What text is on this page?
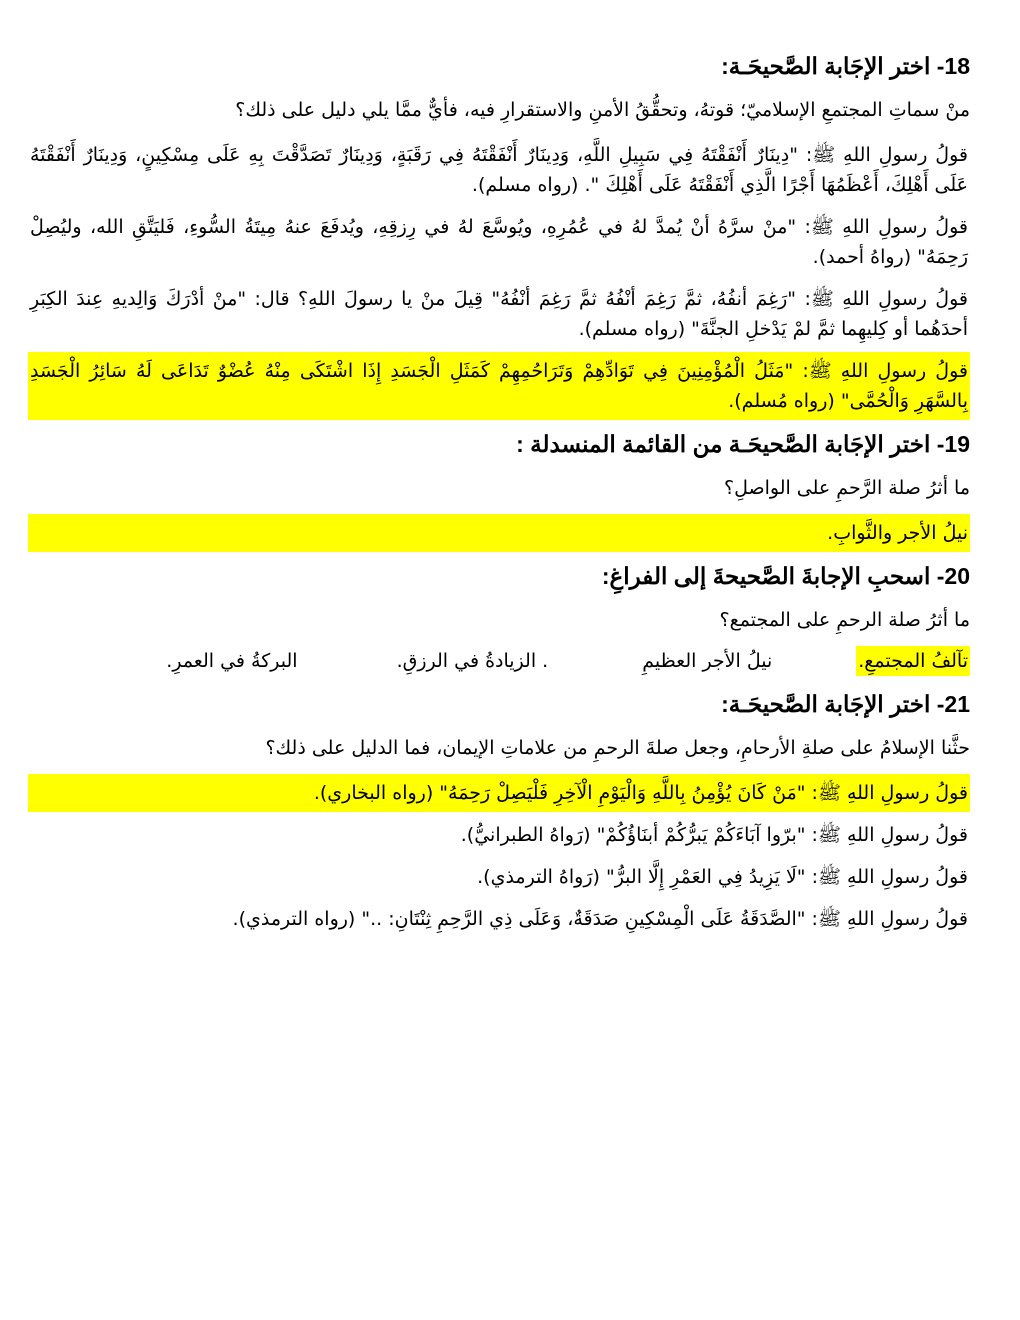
18- اختر الإجَابة الصَّحيحَـة:
منْ سماتِ المجتمعِ الإسلاميّ؛ قوتهُ، وتحقُّقُ الأمنِ والاستقرارِ فيه، فأيٌّ ممَّا يلي دليل على ذلك؟
قولُ رسولِ اللهِ ﷺ: "دِينَارٌ أَنْفَقْتَهُ فِي سَبِيلِ اللَّهِ، وَدِينَارٌ أَنْفَقْتَهُ فِي رَقَبَةٍ، وَدِينَارٌ تَصَدَّقْتَ بِهِ عَلَى مِسْكِينٍ، وَدِينَارٌ أَنْفَقْتَهُ عَلَى أَهْلِكَ، أَعْظَمُهَا أَجْرًا الَّذِي أَنْفَقْتَهُ عَلَى أَهْلِكَ ". (رواه مسلم).
قولُ رسولِ اللهِ ﷺ: "منْ سرَّهُ أنْ يُمدَّ لهُ في عُمُرِهِ، ويُوسَّعَ لهُ في رِزقِهِ، ويُدفَعَ عنهُ مِيتَةُ السُّوءِ، فَليَتَّقِ الله، وليُصِلْ رَحِمَهُ" (رواهُ أحمد).
قولُ رسولِ اللهِ ﷺ: "رَغِمَ أنفُهُ، ثمَّ رَغِمَ أنْفُهُ ثمَّ رَغِمَ أنْفُهُ" قِيلَ منْ يا رسولَ اللهِ؟ قال: "منْ أدْرَكَ وَالِديهِ عِندَ الكِبَرِ أحدَهُما أو كِليهِما ثمَّ لمْ يَدْخلِ الجنَّةَ" (رواه مسلم).
قولُ رسولِ اللهِ ﷺ: "مَثَلُ الْمُؤْمِنِينَ فِي تَوَادِّهِمْ وَتَرَاحُمِهِمْ كَمَثَلِ الْجَسَدِ إِذَا اشْتَكَى مِنْهُ عُضْوٌ تَدَاعَى لَهُ سَائِرُ الْجَسَدِ بِالسَّهَرِ وَالْحُمَّى" (رواه مُسلم).
19- اختر الإجَابة الصَّحيحَـة من القائمة المنسدلة :
ما أثرُ صلة الرَّحمِ على الواصلِ؟
نيلُ الأجر والثَّوابِ.
20- اسحبِ الإجابةَ الصَّحيحةَ إلى الفراغِ:
ما أثرُ صلة الرحمِ على المجتمع؟
تآلفُ المجتمعِ.
نيلُ الأجر العظيمِ
. الزيادةُ في الرزقِ.
البركةُ في العمرِ.
21- اختر الإجَابة الصَّحيحَـة:
حثَّنا الإسلامُ على صلةِ الأرحامِ، وجعل صلةَ الرحمِ من علاماتِ الإيمان، فما الدليل على ذلك؟
قولُ رسولِ اللهِ ﷺ: "مَنْ كَانَ يُؤْمِنُ بِاللَّهِ وَالْيَوْمِ الْآخِرِ فَلْيَصِلْ رَحِمَهُ" (رواه البخاري).
قولُ رسولِ اللهِ ﷺ: "برّوا آبَاءَكُمْ يَبرُّكُمْ أبنَاؤُكُمْ" (رَواهُ الطبرانيُّ).
قولُ رسولِ اللهِ ﷺ: "لَا يَزِيدُ فِي العَمْرِ إِلَّا البرُّ" (رَواهُ الترمذي).
قولُ رسولِ اللهِ ﷺ: "الصَّدَقَةُ عَلَى الْمِسْكِينِ صَدَقَةٌ، وَعَلَى ذِي الرَّحِمِ ثِنْتَانِ: .." (رواه الترمذي).
